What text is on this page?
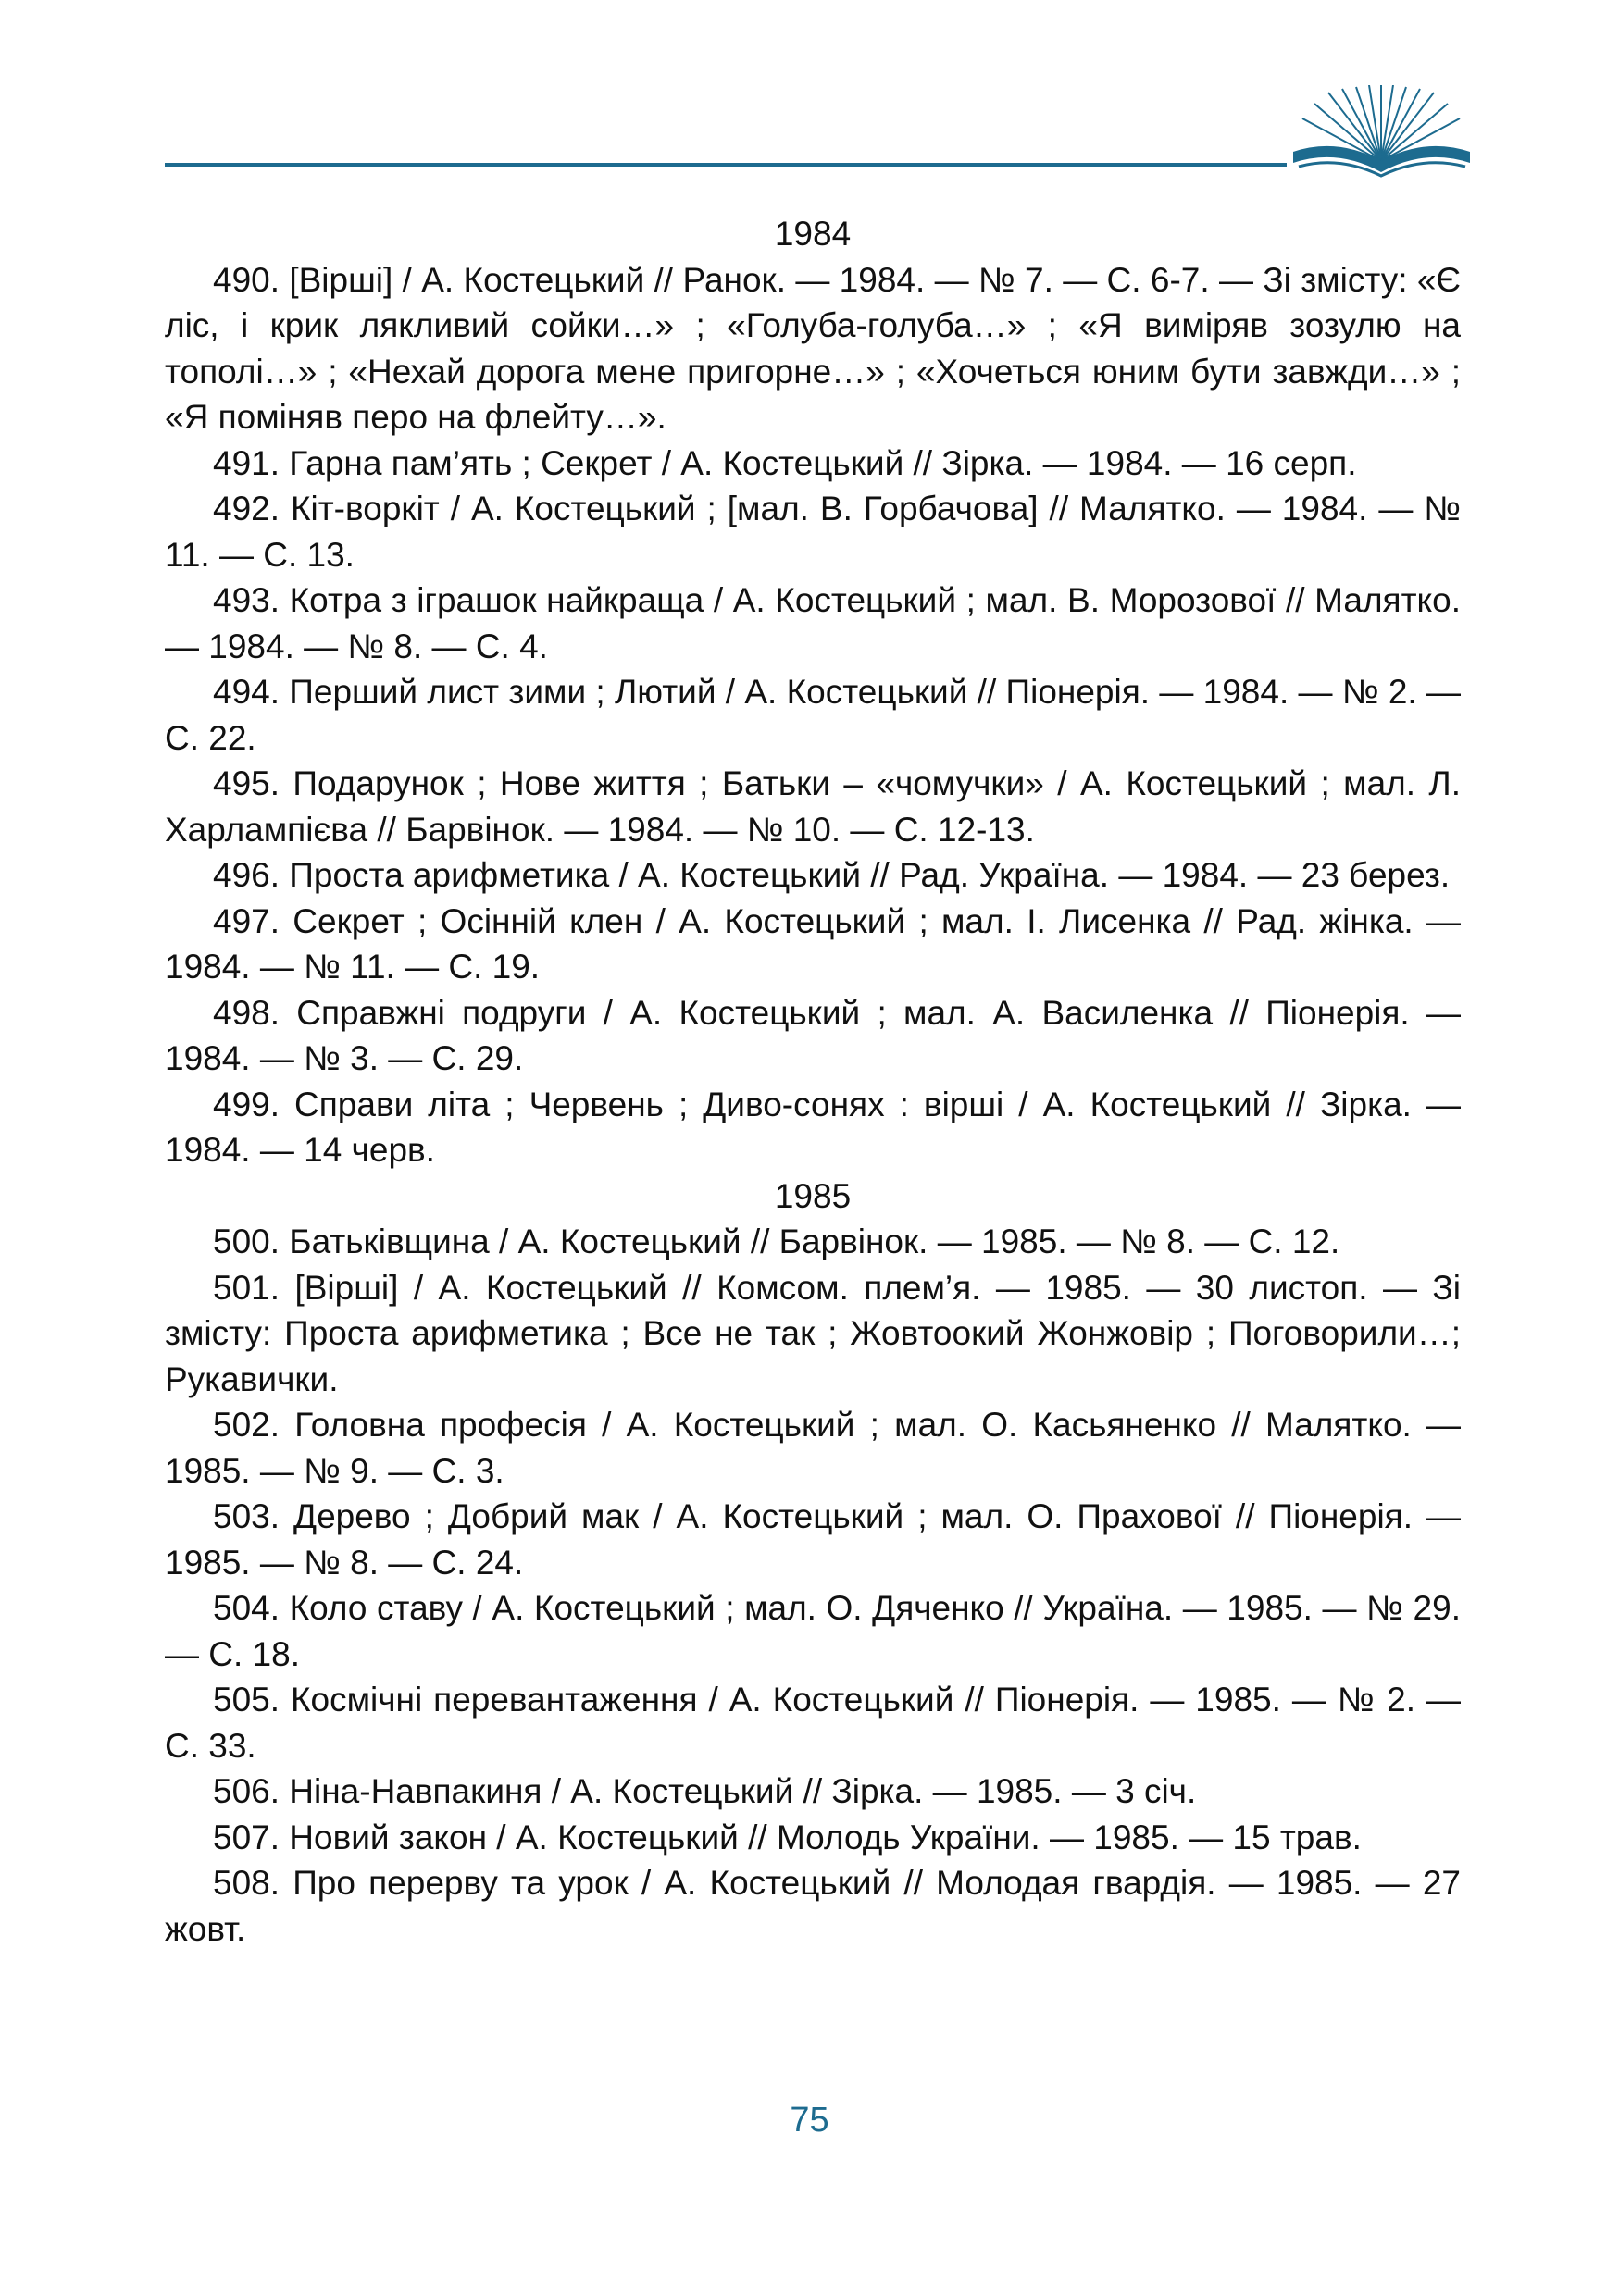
1984

490. [Вірші] / А. Костецький // Ранок. — 1984. — № 7. — С. 6-7. — Зі змісту: «Є ліс, і крик лякливий сойки…» ; «Голуба-голуба…» ; «Я виміряв зозулю на тополі…» ; «Нехай дорога мене пригорне…» ; «Хочеться юним бути завжди…» ; «Я поміняв перо на флейту…».

491. Гарна пам’ять ; Секрет / А. Костецький // Зірка. — 1984. — 16 серп.

492. Кіт-воркіт / А. Костецький ; [мал. В. Горбачова] // Малятко. — 1984. — № 11. — С. 13.

493. Котра з іграшок найкраща / А. Костецький ; мал. В. Морозової // Малятко. — 1984. — № 8. — С. 4.

494. Перший лист зими ; Лютий / А. Костецький // Піонерія. — 1984. — № 2. — С. 22.

495. Подарунок ; Нове життя ; Батьки – «чомучки» / А. Костецький ; мал. Л. Харлампієва // Барвінок. — 1984. — № 10. — С. 12-13.

496. Проста арифметика / А. Костецький // Рад. Україна. — 1984. — 23 берез.

497. Секрет ; Осінній клен / А. Костецький ; мал. І. Лисенка // Рад. жінка. — 1984. — № 11. — С. 19.

498. Справжні подруги / А. Костецький ; мал. А. Василенка // Піонерія. — 1984. — № 3. — С. 29.

499. Справи літа ; Червень ; Диво-сонях : вірші / А. Костецький // Зірка. — 1984. — 14 черв.

1985

500. Батьківщина / А. Костецький // Барвінок. — 1985. — № 8. — С. 12.

501. [Вірші] / А. Костецький // Комсом. плем’я. — 1985. — 30 листоп. — Зі змісту: Проста арифметика ; Все не так ; Жовтоокий Жонжовір ; Поговорили…; Рукавички.

502. Головна професія / А. Костецький ; мал. О. Касьяненко // Малятко. — 1985. — № 9. — С. 3.

503. Дерево ; Добрий мак / А. Костецький ; мал. О. Прахової // Піонерія. — 1985. — № 8. — С. 24.

504. Коло ставу / А. Костецький ; мал. О. Дяченко // Україна. — 1985. — № 29. — С. 18.

505. Космічні перевантаження / А. Костецький // Піонерія. — 1985. — № 2. — С. 33.

506. Ніна-Навпакиня / А. Костецький // Зірка. — 1985. — 3 січ.

507. Новий закон / А. Костецький // Молодь України. — 1985. — 15 трав.

508. Про перерву та урок / А. Костецький // Молодая гвардія. — 1985. — 27 жовт.

75
